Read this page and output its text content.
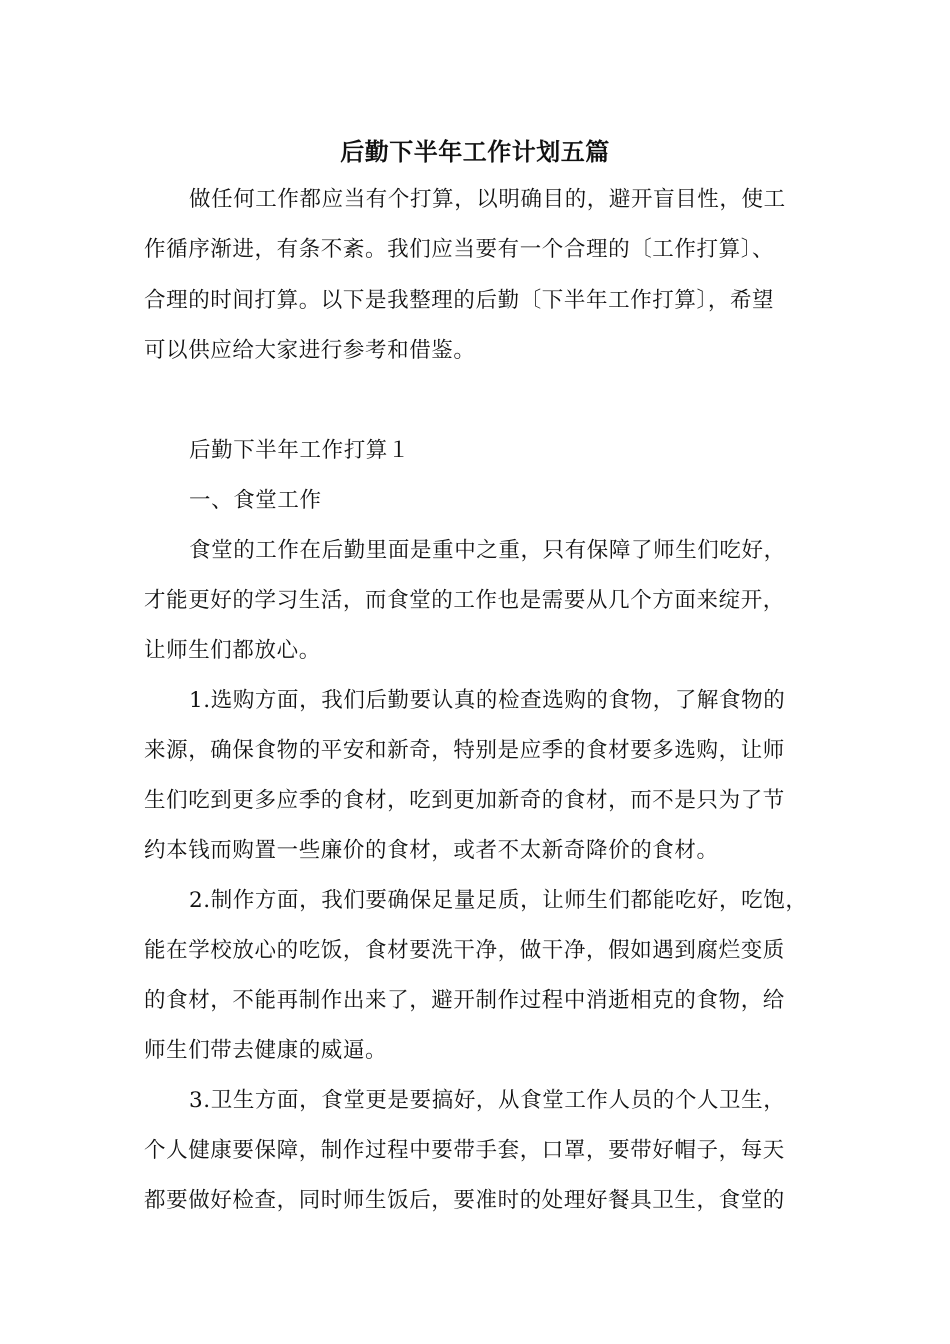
后勤下半年工作计划五篇
做任何工作都应当有个打算，以明确目的，避开盲目性，使工
作循序渐进，有条不紊。我们应当要有一个合理的〔工作打算〕、
合理的时间打算。以下是我整理的后勤〔下半年工作打算〕，希望
可以供应给大家进行参考和借鉴。
后勤下半年工作打算１
一、食堂工作
食堂的工作在后勤里面是重中之重，只有保障了师生们吃好，
才能更好的学习生活，而食堂的工作也是需要从几个方面来绽开，
让师生们都放心。
1.选购方面，我们后勤要认真的检查选购的食物，了解食物的
来源，确保食物的平安和新奇，特别是应季的食材要多选购，让师
生们吃到更多应季的食材，吃到更加新奇的食材，而不是只为了节
约本钱而购置一些廉价的食材，或者不太新奇降价的食材。
2.制作方面，我们要确保足量足质，让师生们都能吃好，吃饱，
能在学校放心的吃饭，食材要洗干净，做干净，假如遇到腐烂变质
的食材，不能再制作出来了，避开制作过程中消逝相克的食物，给
师生们带去健康的威逼。
3.卫生方面，食堂更是要搞好，从食堂工作人员的个人卫生，
个人健康要保障，制作过程中要带手套，口罩，要带好帽子，每天
都要做好检查，同时师生饭后，要准时的处理好餐具卫生，食堂的
